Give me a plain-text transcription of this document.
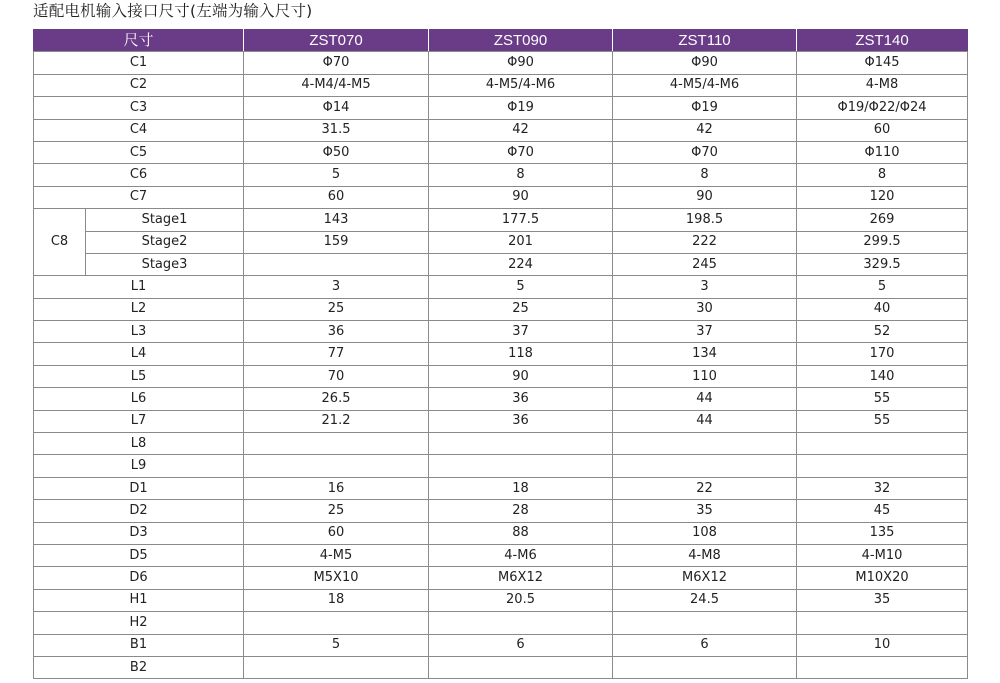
适配电机输入接口尺寸(左端为输入尺寸)
尺寸		ZST070	ZST090	ZST110	ZST140
C1		Φ70	Φ90	Φ90	Φ145
C2		4-M4/4-M5	4-M5/4-M6	4-M5/4-M6	4-M8
C3		Φ14	Φ19	Φ19	Φ19/Φ22/Φ24
C4		31.5	42	42	60
C5		Φ50	Φ70	Φ70	Φ110
C6		5	8	8	8
C7		60	90	90	120
C8	Stage1	143	177.5	198.5	269
	Stage2	159	201	222	299.5
	Stage3		224	245	329.5
L1		3	5	3	5
L2		25	25	30	40
L3		36	37	37	52
L4		77	118	134	170
L5		70	90	110	140
L6		26.5	36	44	55
L7		21.2	36	44	55
L8					
L9					
D1		16	18	22	32
D2		25	28	35	45
D3		60	88	108	135
D5		4-M5	4-M6	4-M8	4-M10
D6		M5X10	M6X12	M6X12	M10X20
H1		18	20.5	24.5	35
H2					
B1		5	6	6	10
B2					
